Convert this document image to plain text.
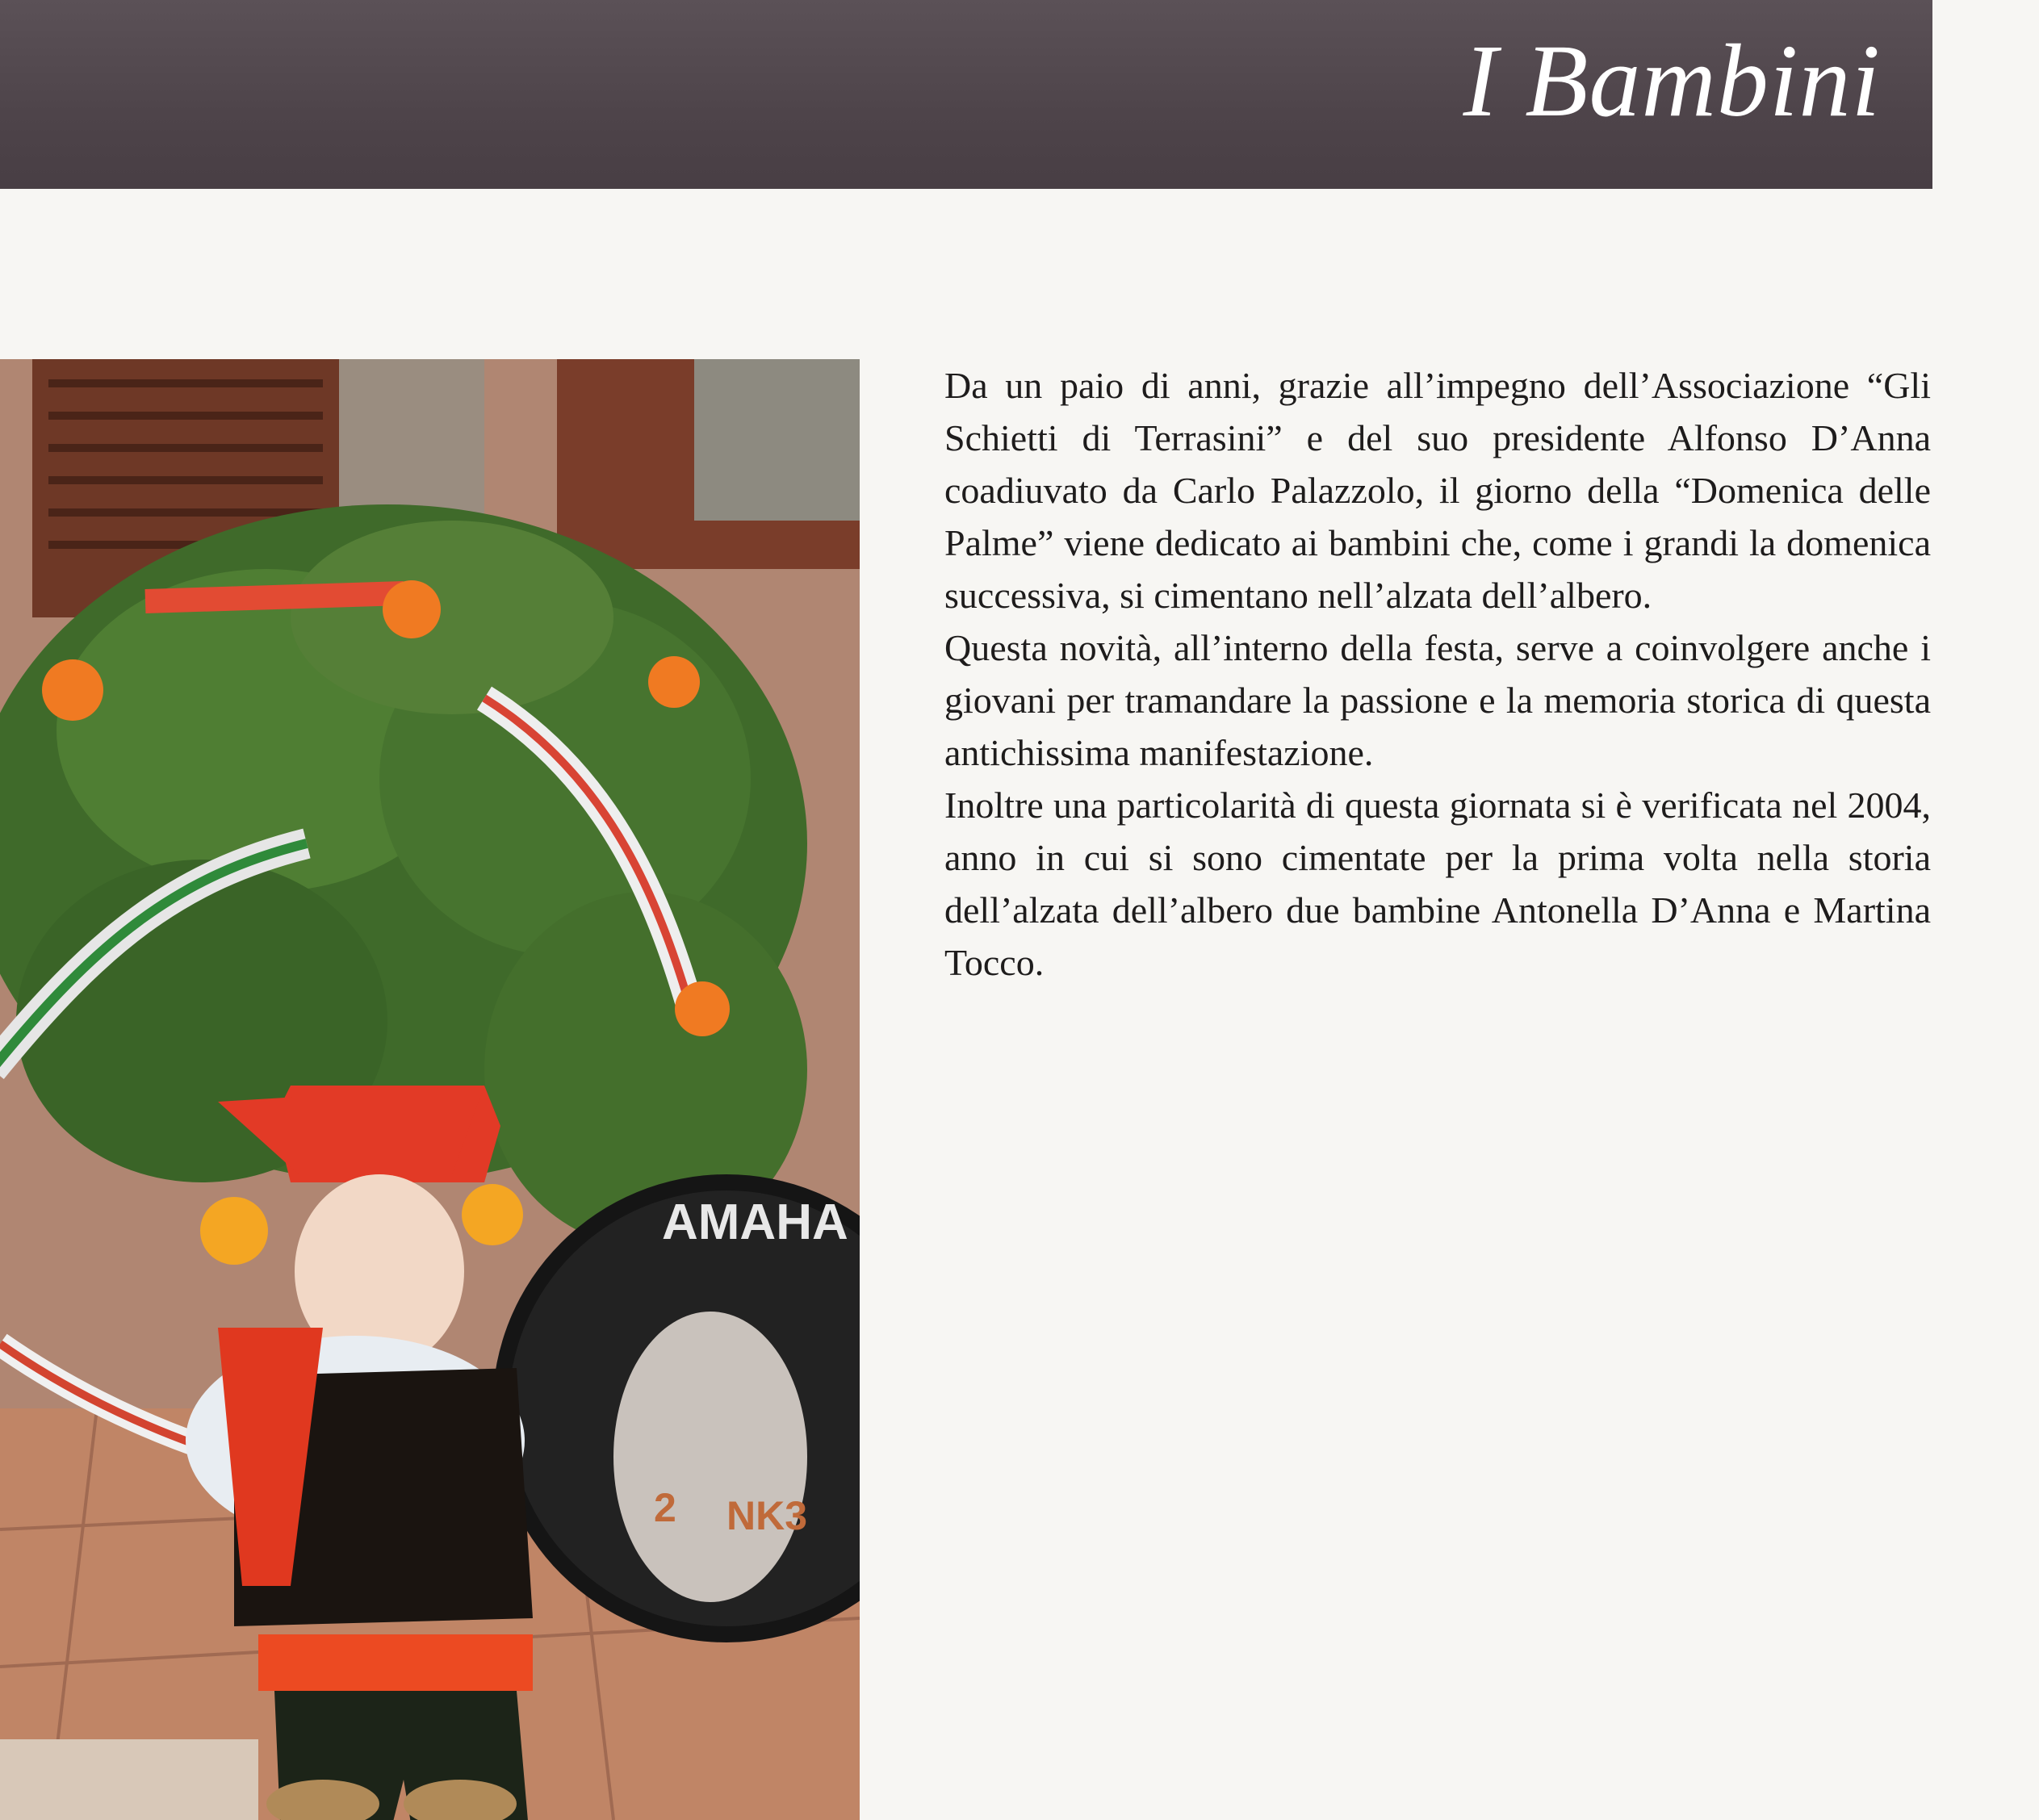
I Bambini
AMAHA
2 NK3

Da un paio di anni, grazie all’impegno dell’Associazione “Gli Schietti di Terrasini” e del suo presidente Alfonso D’Anna coadiuvato da Carlo Palazzolo, il giorno della “Domenica delle Palme” viene dedicato ai bambini che, come i grandi la domenica successiva, si cimentano nell’alzata dell’albero.

Questa novità, all’interno della festa, serve a coinvolgere anche i giovani per tramandare la passione e la memoria storica di questa antichissima manifestazione.

Inoltre una particolarità di questa giornata si è verificata nel 2004, anno in cui si sono cimentate per la prima volta nella storia dell’alzata dell’albero due bambine Antonella D’Anna e Martina Tocco.
